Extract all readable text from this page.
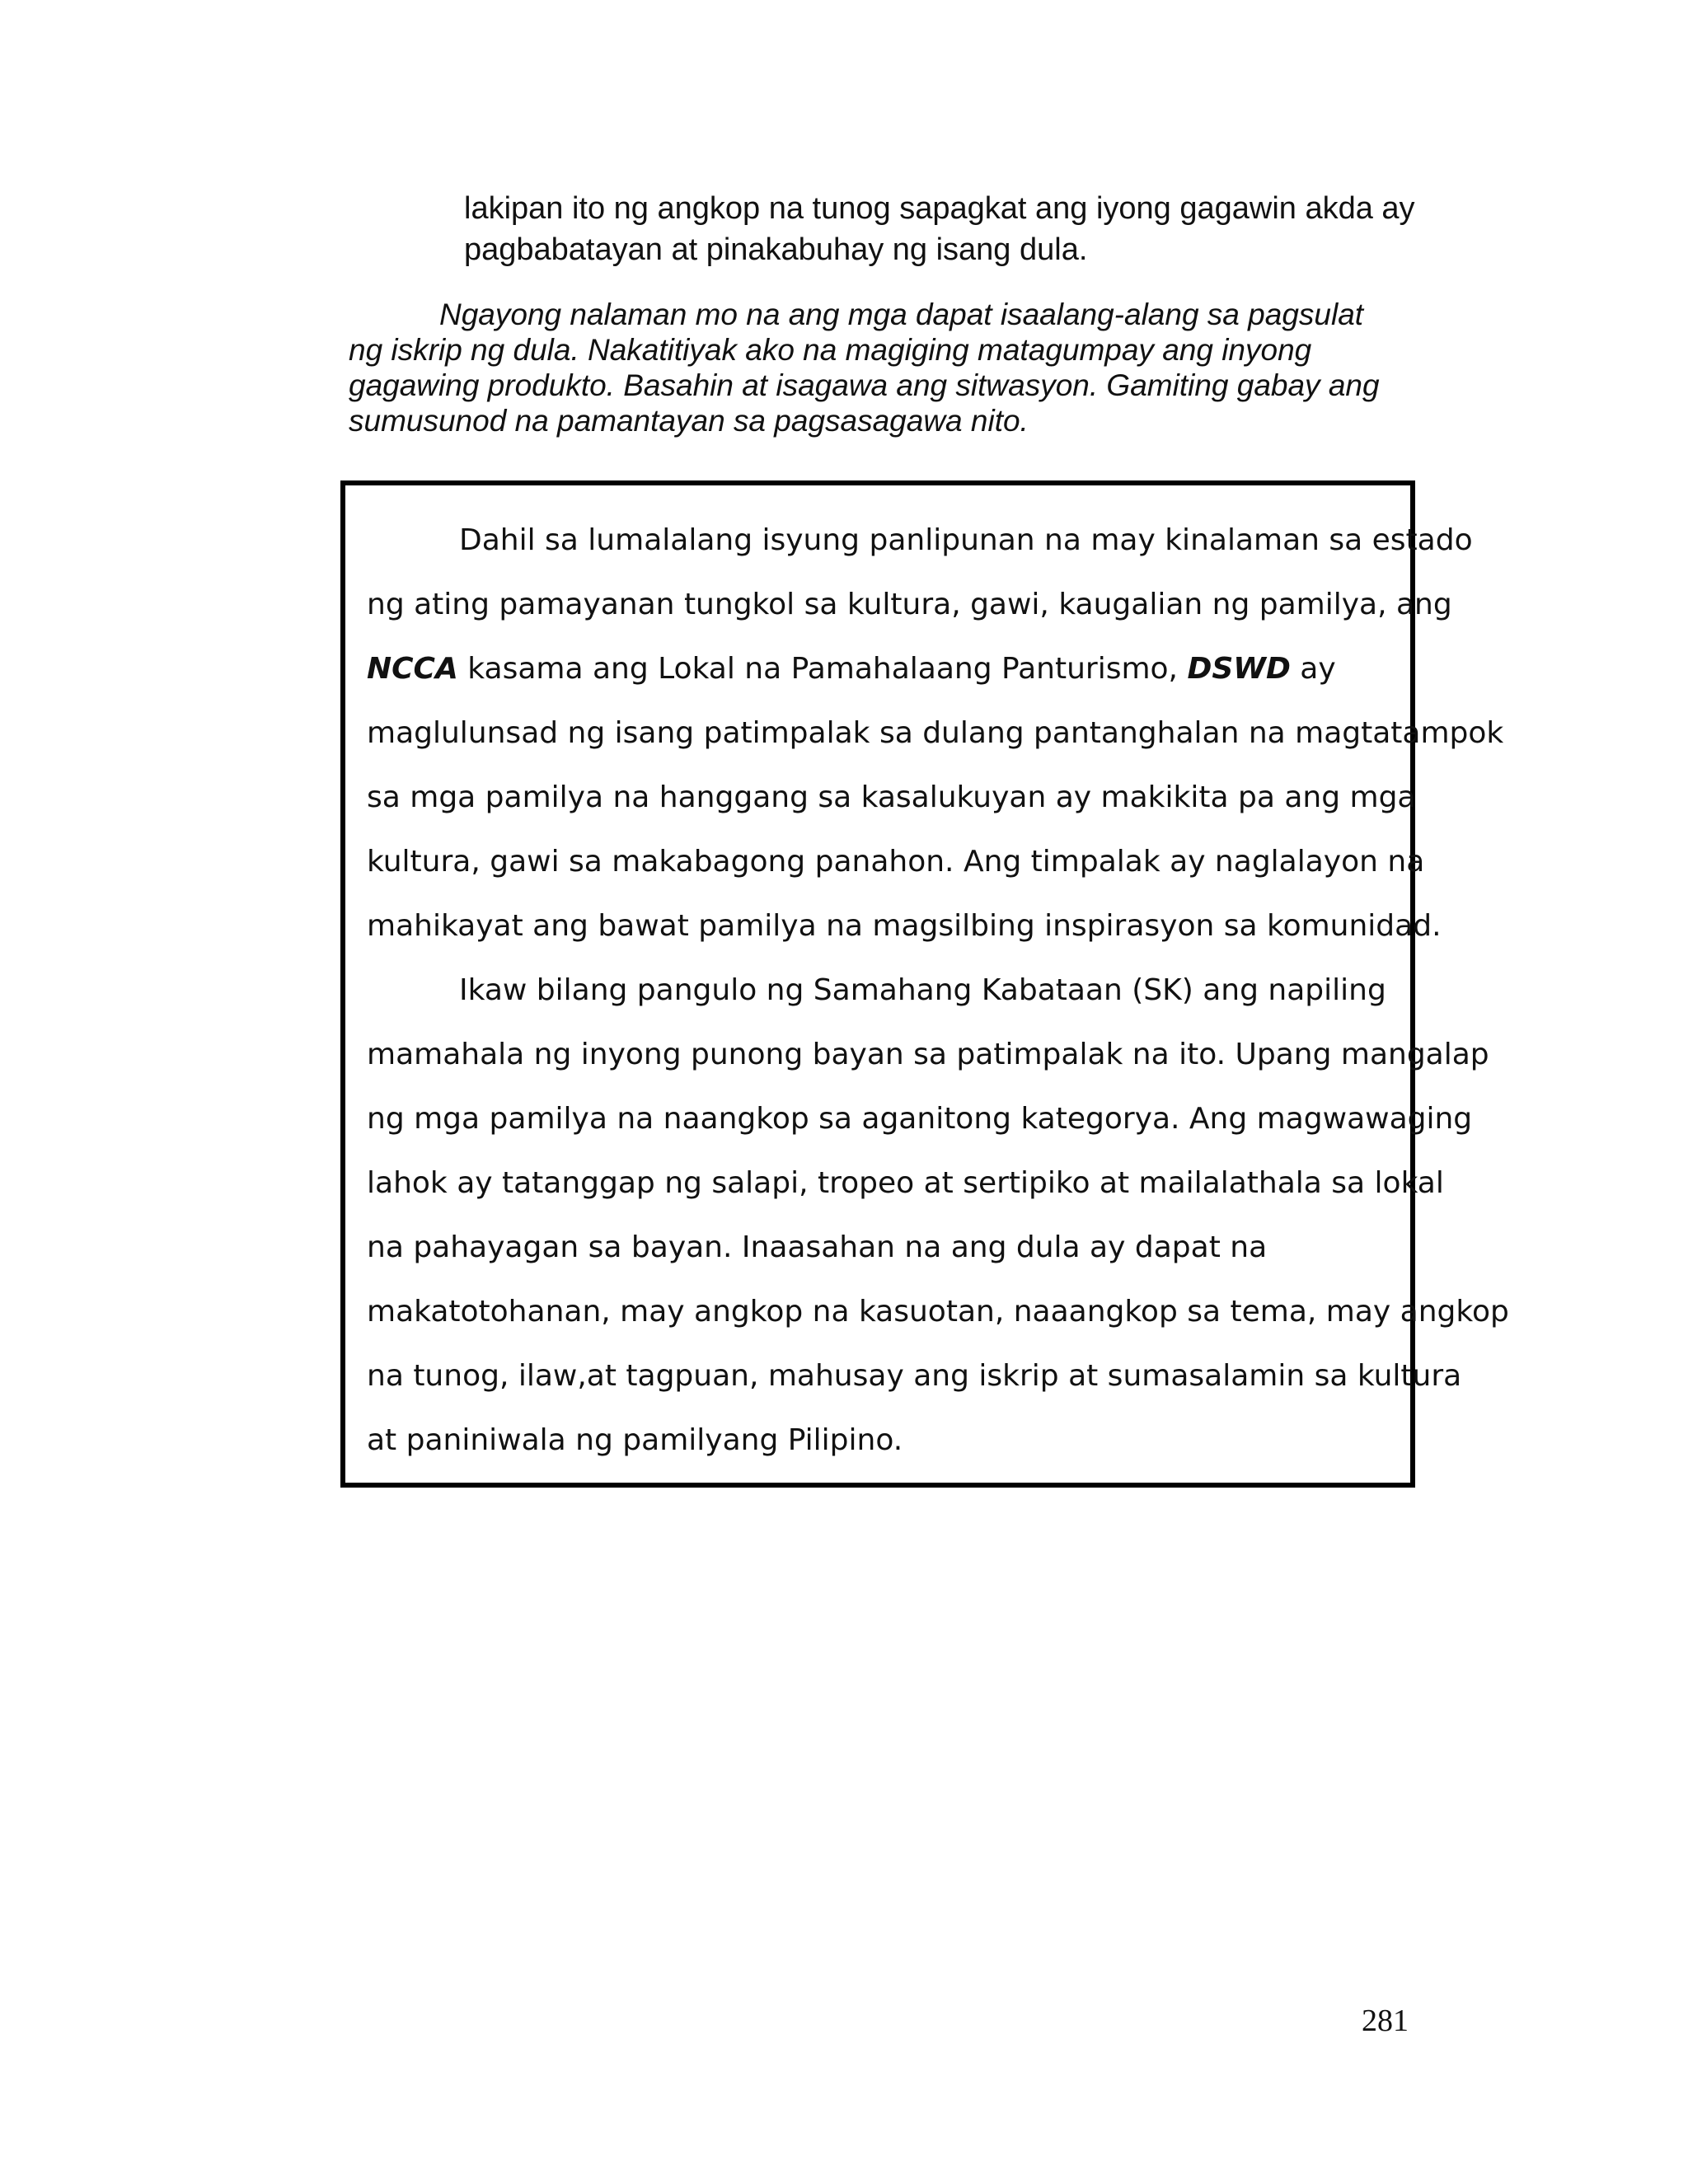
lakipan ito ng angkop na tunog sapagkat ang iyong gagawin akda ay
pagbabatayan at pinakabuhay ng isang dula.
Ngayong nalaman mo na ang mga dapat isaalang-alang sa pagsulat
ng iskrip ng dula. Nakatitiyak ako na magiging matagumpay ang inyong
gagawing produkto. Basahin at isagawa ang sitwasyon. Gamiting gabay ang
sumusunod na pamantayan sa pagsasagawa nito.
Dahil sa lumalalang isyung panlipunan na may kinalaman sa estado
ng ating pamayanan tungkol sa kultura, gawi, kaugalian ng pamilya, ang
NCCA kasama ang Lokal na Pamahalaang Panturismo, DSWD ay
maglulunsad ng isang patimpalak sa dulang pantanghalan na magtatampok
sa mga pamilya na hanggang sa kasalukuyan ay makikita pa ang mga
kultura, gawi sa makabagong panahon. Ang timpalak ay naglalayon na
mahikayat ang bawat pamilya na magsilbing inspirasyon sa komunidad.
Ikaw bilang pangulo ng Samahang Kabataan (SK) ang napiling
mamahala ng inyong punong bayan sa patimpalak na ito. Upang mangalap
ng mga pamilya na naangkop sa aganitong kategorya. Ang magwawaging
lahok ay tatanggap ng salapi, tropeo at sertipiko at mailalathala sa lokal
na pahayagan sa bayan. Inaasahan na ang dula ay dapat na
makatotohanan, may angkop na kasuotan, naaangkop sa tema, may angkop
na tunog, ilaw,at tagpuan, mahusay ang iskrip at sumasalamin sa kultura
at paniniwala ng pamilyang Pilipino.
281
